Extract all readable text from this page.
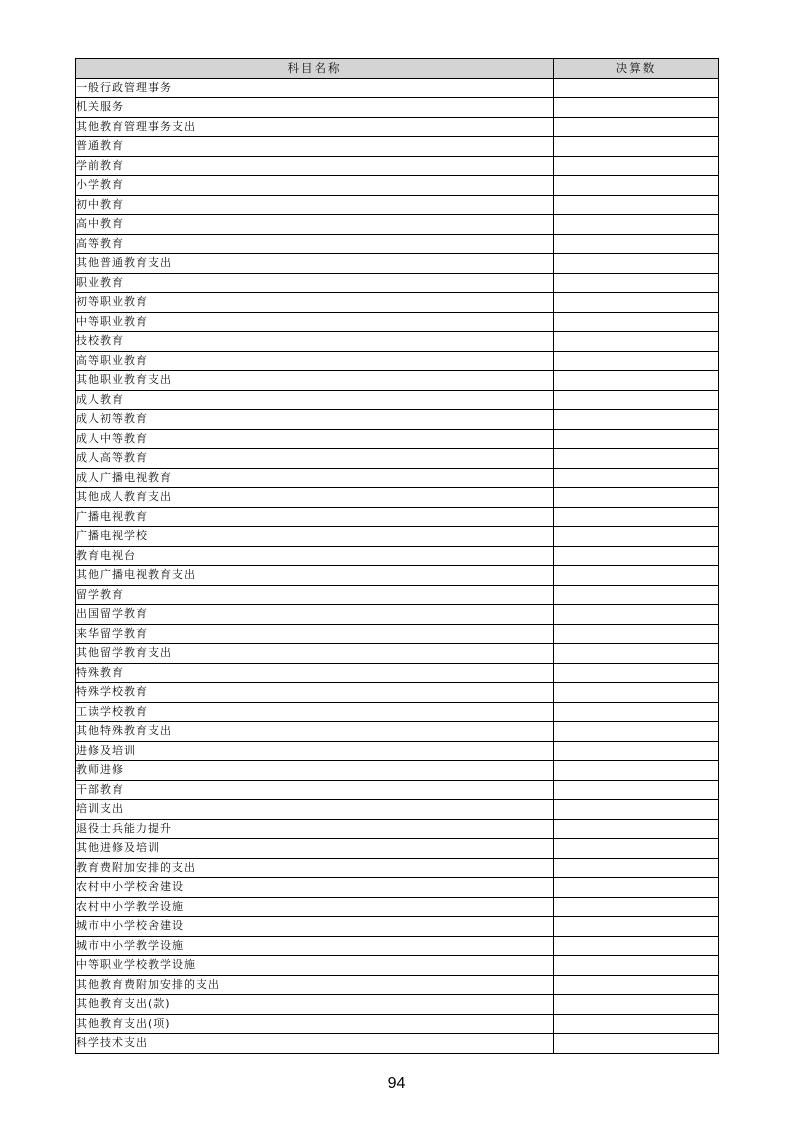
科目名称	决算数
一般行政管理事务	
机关服务	
其他教育管理事务支出	
普通教育	
学前教育	
小学教育	
初中教育	
高中教育	
高等教育	
其他普通教育支出	
职业教育	
初等职业教育	
中等职业教育	
技校教育	
高等职业教育	
其他职业教育支出	
成人教育	
成人初等教育	
成人中等教育	
成人高等教育	
成人广播电视教育	
其他成人教育支出	
广播电视教育	
广播电视学校	
教育电视台	
其他广播电视教育支出	
留学教育	
出国留学教育	
来华留学教育	
其他留学教育支出	
特殊教育	
特殊学校教育	
工读学校教育	
其他特殊教育支出	
进修及培训	
教师进修	
干部教育	
培训支出	
退役士兵能力提升	
其他进修及培训	
教育费附加安排的支出	
农村中小学校舍建设	
农村中小学教学设施	
城市中小学校舍建设	
城市中小学教学设施	
中等职业学校教学设施	
其他教育费附加安排的支出	
其他教育支出(款)	
其他教育支出(项)	
科学技术支出	
94
